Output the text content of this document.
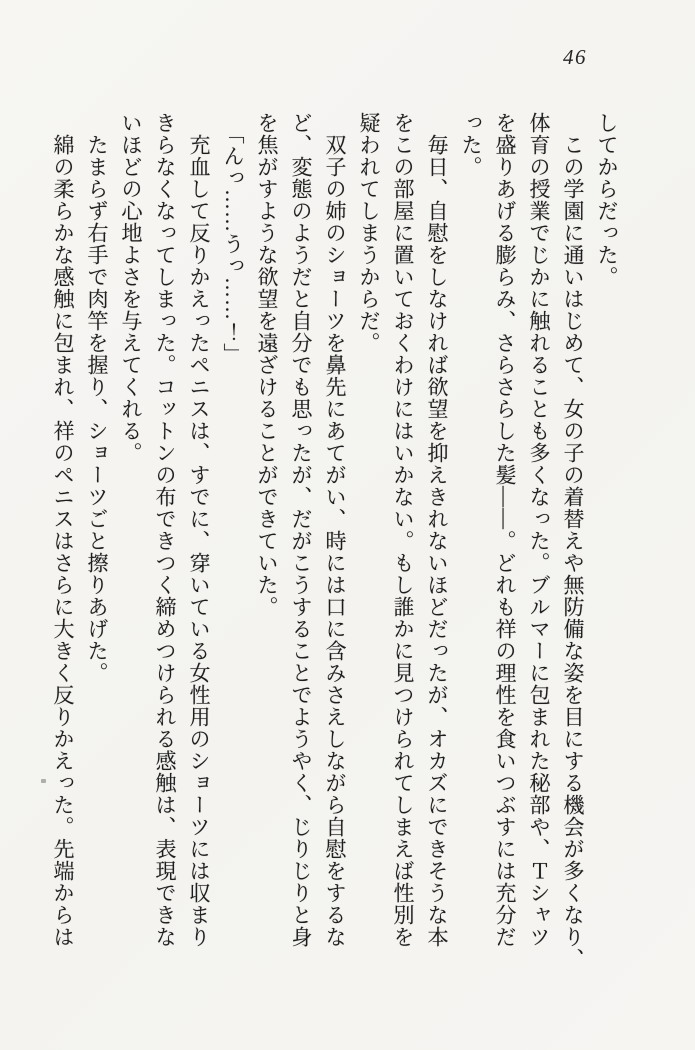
46

してからだった。

　この学園に通いはじめて、女の子の着替えや無防備な姿を目にする機会が多くなり、

体育の授業でじかに触れることも多くなった。ブルマーに包まれた秘部や、Ｔシャツ

を盛りあげる膨らみ、さらさらした髪――。どれも祥の理性を食いつぶすには充分だ

った。

　毎日、自慰をしなければ欲望を抑えきれないほどだったが、オカズにできそうな本

をこの部屋に置いておくわけにはいかない。もし誰かに見つけられてしまえば性別を

疑われてしまうからだ。

　双子の姉のショーツを鼻先にあてがい、時には口に含みさえしながら自慰をするな

ど、変態のようだと自分でも思ったが、だがこうすることでようやく、じりじりと身

を焦がすような欲望を遠ざけることができていた。

「んっ……うっ……！」

　充血して反りかえったペニスは、すでに、穿いている女性用のショーツには収まり

きらなくなってしまった。コットンの布できつく締めつけられる感触は、表現できな

いほどの心地よさを与えてくれる。

　たまらず右手で肉竿を握り、ショーツごと擦りあげた。

　綿の柔らかな感触に包まれ、祥のペニスはさらに大きく反りかえった。先端からは
